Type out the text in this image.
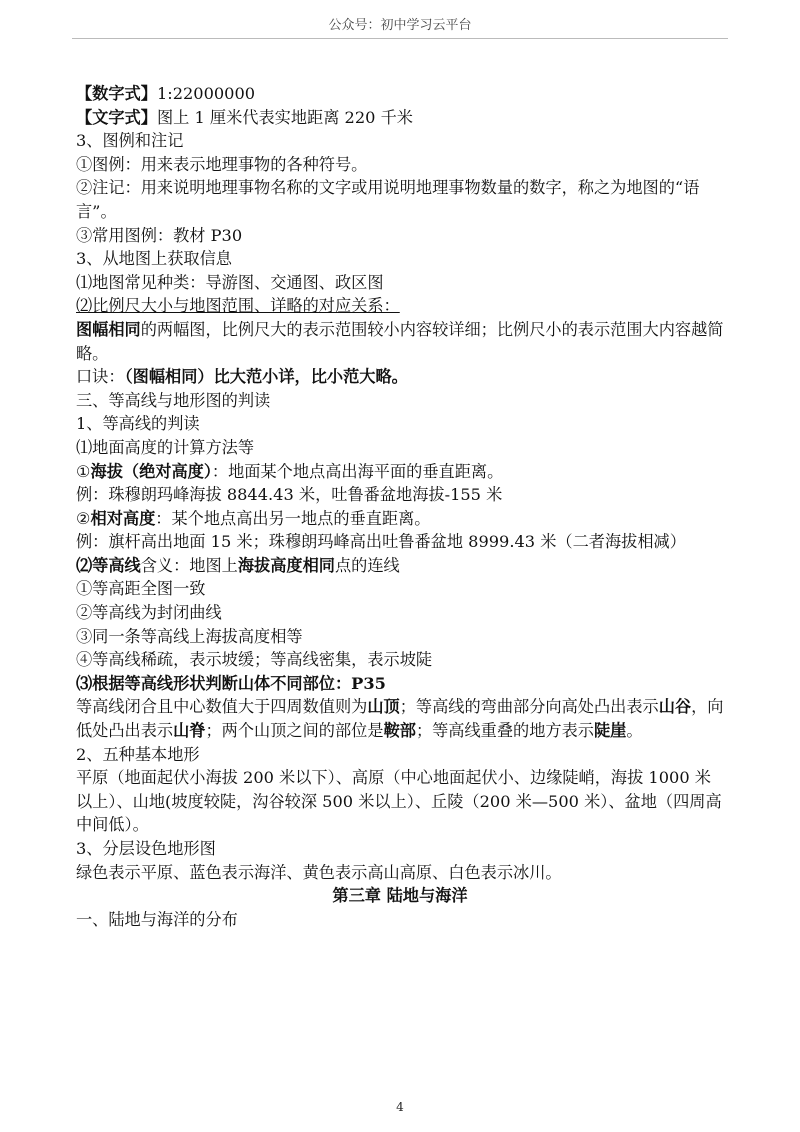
公众号：初中学习云平台
【数字式】1:22000000
【文字式】图上 1 厘米代表实地距离 220 千米
3、图例和注记
①图例：用来表示地理事物的各种符号。
②注记：用来说明地理事物名称的文字或用说明地理事物数量的数字，称之为地图的“语言”。
③常用图例：教材 P30
3、从地图上获取信息
⑴地图常见种类：导游图、交通图、政区图
⑵比例尺大小与地图范围、详略的对应关系：
图幅相同的两幅图，比例尺大的表示范围较小内容较详细；比例尺小的表示范围大内容越简略。
口诀：（图幅相同）比大范小详，比小范大略。
三、等高线与地形图的判读
1、等高线的判读
⑴地面高度的计算方法等
①海拔（绝对高度）：地面某个地点高出海平面的垂直距离。
例：珠穆朗玛峰海拔 8844.43 米，吐鲁番盆地海拔-155 米
②相对高度：某个地点高出另一地点的垂直距离。
例：旗杆高出地面 15 米；珠穆朗玛峰高出吐鲁番盆地 8999.43 米（二者海拔相减）
⑵等高线含义：地图上海拔高度相同点的连线
①等高距全图一致
②等高线为封闭曲线
③同一条等高线上海拔高度相等
④等高线稀疏，表示坡缓；等高线密集，表示坡陡
⑶根据等高线形状判断山体不同部位：P35
等高线闭合且中心数值大于四周数值则为山顶；等高线的弯曲部分向高处凸出表示山谷，向低处凸出表示山脊；两个山顶之间的部位是鞍部；等高线重叠的地方表示陡崖。
2、五种基本地形
平原（地面起伏小海拔 200 米以下）、高原（中心地面起伏小、边缘陡峭，海拔 1000 米以上）、山地(坡度较陡，沟谷较深 500 米以上）、丘陵（200 米—500 米）、盆地（四周高中间低）。
3、分层设色地形图
绿色表示平原、蓝色表示海洋、黄色表示高山高原、白色表示冰川。
第三章 陆地与海洋
一、陆地与海洋的分布
4
